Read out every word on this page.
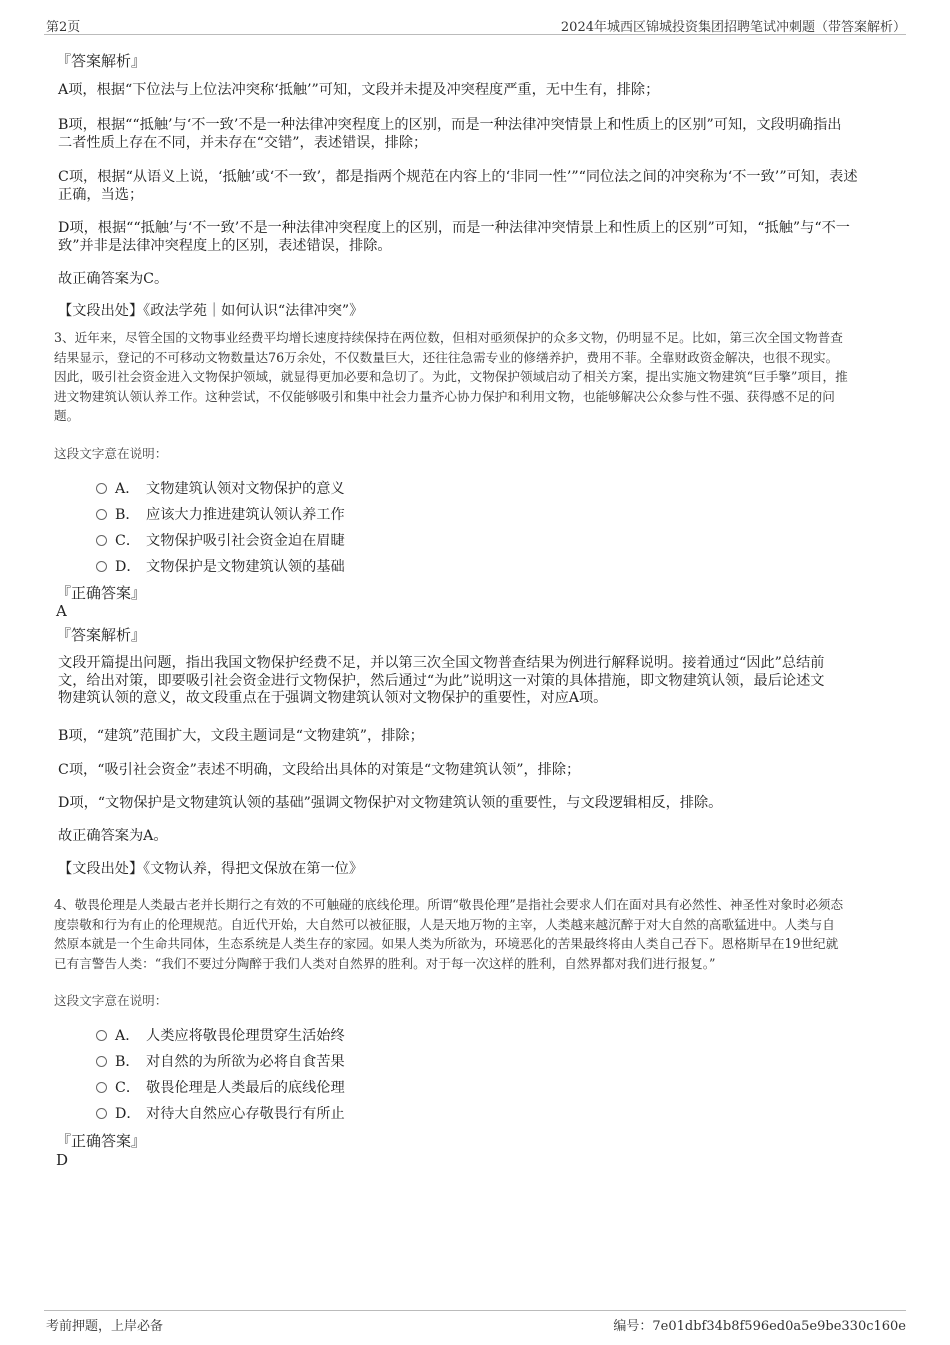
第2页	2024年城西区锦城投资集团招聘笔试冲刺题（带答案解析）
『答案解析』
A项，根据“下位法与上位法冲突称‘抵触’”可知，文段并未提及冲突程度严重，无中生有，排除；
B项，根据““抵触’与‘不一致’不是一种法律冲突程度上的区别，而是一种法律冲突情景上和性质上的区别”可知，文段明确指出
二者性质上存在不同，并未存在“交错”，表述错误，排除；
C项，根据“从语义上说，‘抵触’或‘不一致’，都是指两个规范在内容上的‘非同一性’”“同位法之间的冲突称为‘不一致’”可知，表述
正确，当选；
D项，根据““抵触’与‘不一致’不是一种法律冲突程度上的区别，而是一种法律冲突情景上和性质上的区别”可知，“抵触”与“不一
致”并非是法律冲突程度上的区别，表述错误，排除。
故正确答案为C。
【文段出处】《政法学苑｜如何认识“法律冲突”》
3、近年来，尽管全国的文物事业经费平均增长速度持续保持在两位数，但相对亟须保护的众多文物，仍明显不足。比如，第三次全国文物普查
结果显示，登记的不可移动文物数量达76万余处，不仅数量巨大，还往往急需专业的修缮养护，费用不菲。全靠财政资金解决，也很不现实。
因此，吸引社会资金进入文物保护领域，就显得更加必要和急切了。为此，文物保护领域启动了相关方案，提出实施文物建筑“巨手擎”项目，推
进文物建筑认领认养工作。这种尝试，不仅能够吸引和集中社会力量齐心协力保护和利用文物，也能够解决公众参与性不强、获得感不足的问
题。
这段文字意在说明：
A． 文物建筑认领对文物保护的意义
B． 应该大力推进建筑认领认养工作
C． 文物保护吸引社会资金迫在眉睫
D． 文物保护是文物建筑认领的基础
『正确答案』
A
『答案解析』
文段开篇提出问题，指出我国文物保护经费不足，并以第三次全国文物普查结果为例进行解释说明。接着通过“因此”总结前
文，给出对策，即要吸引社会资金进行文物保护，然后通过“为此”说明这一对策的具体措施，即文物建筑认领，最后论述文
物建筑认领的意义，故文段重点在于强调文物建筑认领对文物保护的重要性，对应A项。
B项，“建筑”范围扩大，文段主题词是“文物建筑”，排除；
C项，“吸引社会资金”表述不明确，文段给出具体的对策是“文物建筑认领”，排除；
D项，“文物保护是文物建筑认领的基础”强调文物保护对文物建筑认领的重要性，与文段逻辑相反，排除。
故正确答案为A。
【文段出处】《文物认养，得把文保放在第一位》
4、敬畏伦理是人类最古老并长期行之有效的不可触碰的底线伦理。所谓“敬畏伦理”是指社会要求人们在面对具有必然性、神圣性对象时必须态
度崇敬和行为有止的伦理规范。自近代开始，大自然可以被征服，人是天地万物的主宰，人类越来越沉醉于对大自然的高歌猛进中。人类与自
然原本就是一个生命共同体，生态系统是人类生存的家园。如果人类为所欲为，环境恶化的苦果最终将由人类自己吞下。恩格斯早在19世纪就
已有言警告人类：“我们不要过分陶醉于我们人类对自然界的胜利。对于每一次这样的胜利，自然界都对我们进行报复。”
这段文字意在说明：
A． 人类应将敬畏伦理贯穿生活始终
B． 对自然的为所欲为必将自食苦果
C． 敬畏伦理是人类最后的底线伦理
D． 对待大自然应心存敬畏行有所止
『正确答案』
D
考前押题，上岸必备	编号：7e01dbf34b8f596ed0a5e9be330c160e
